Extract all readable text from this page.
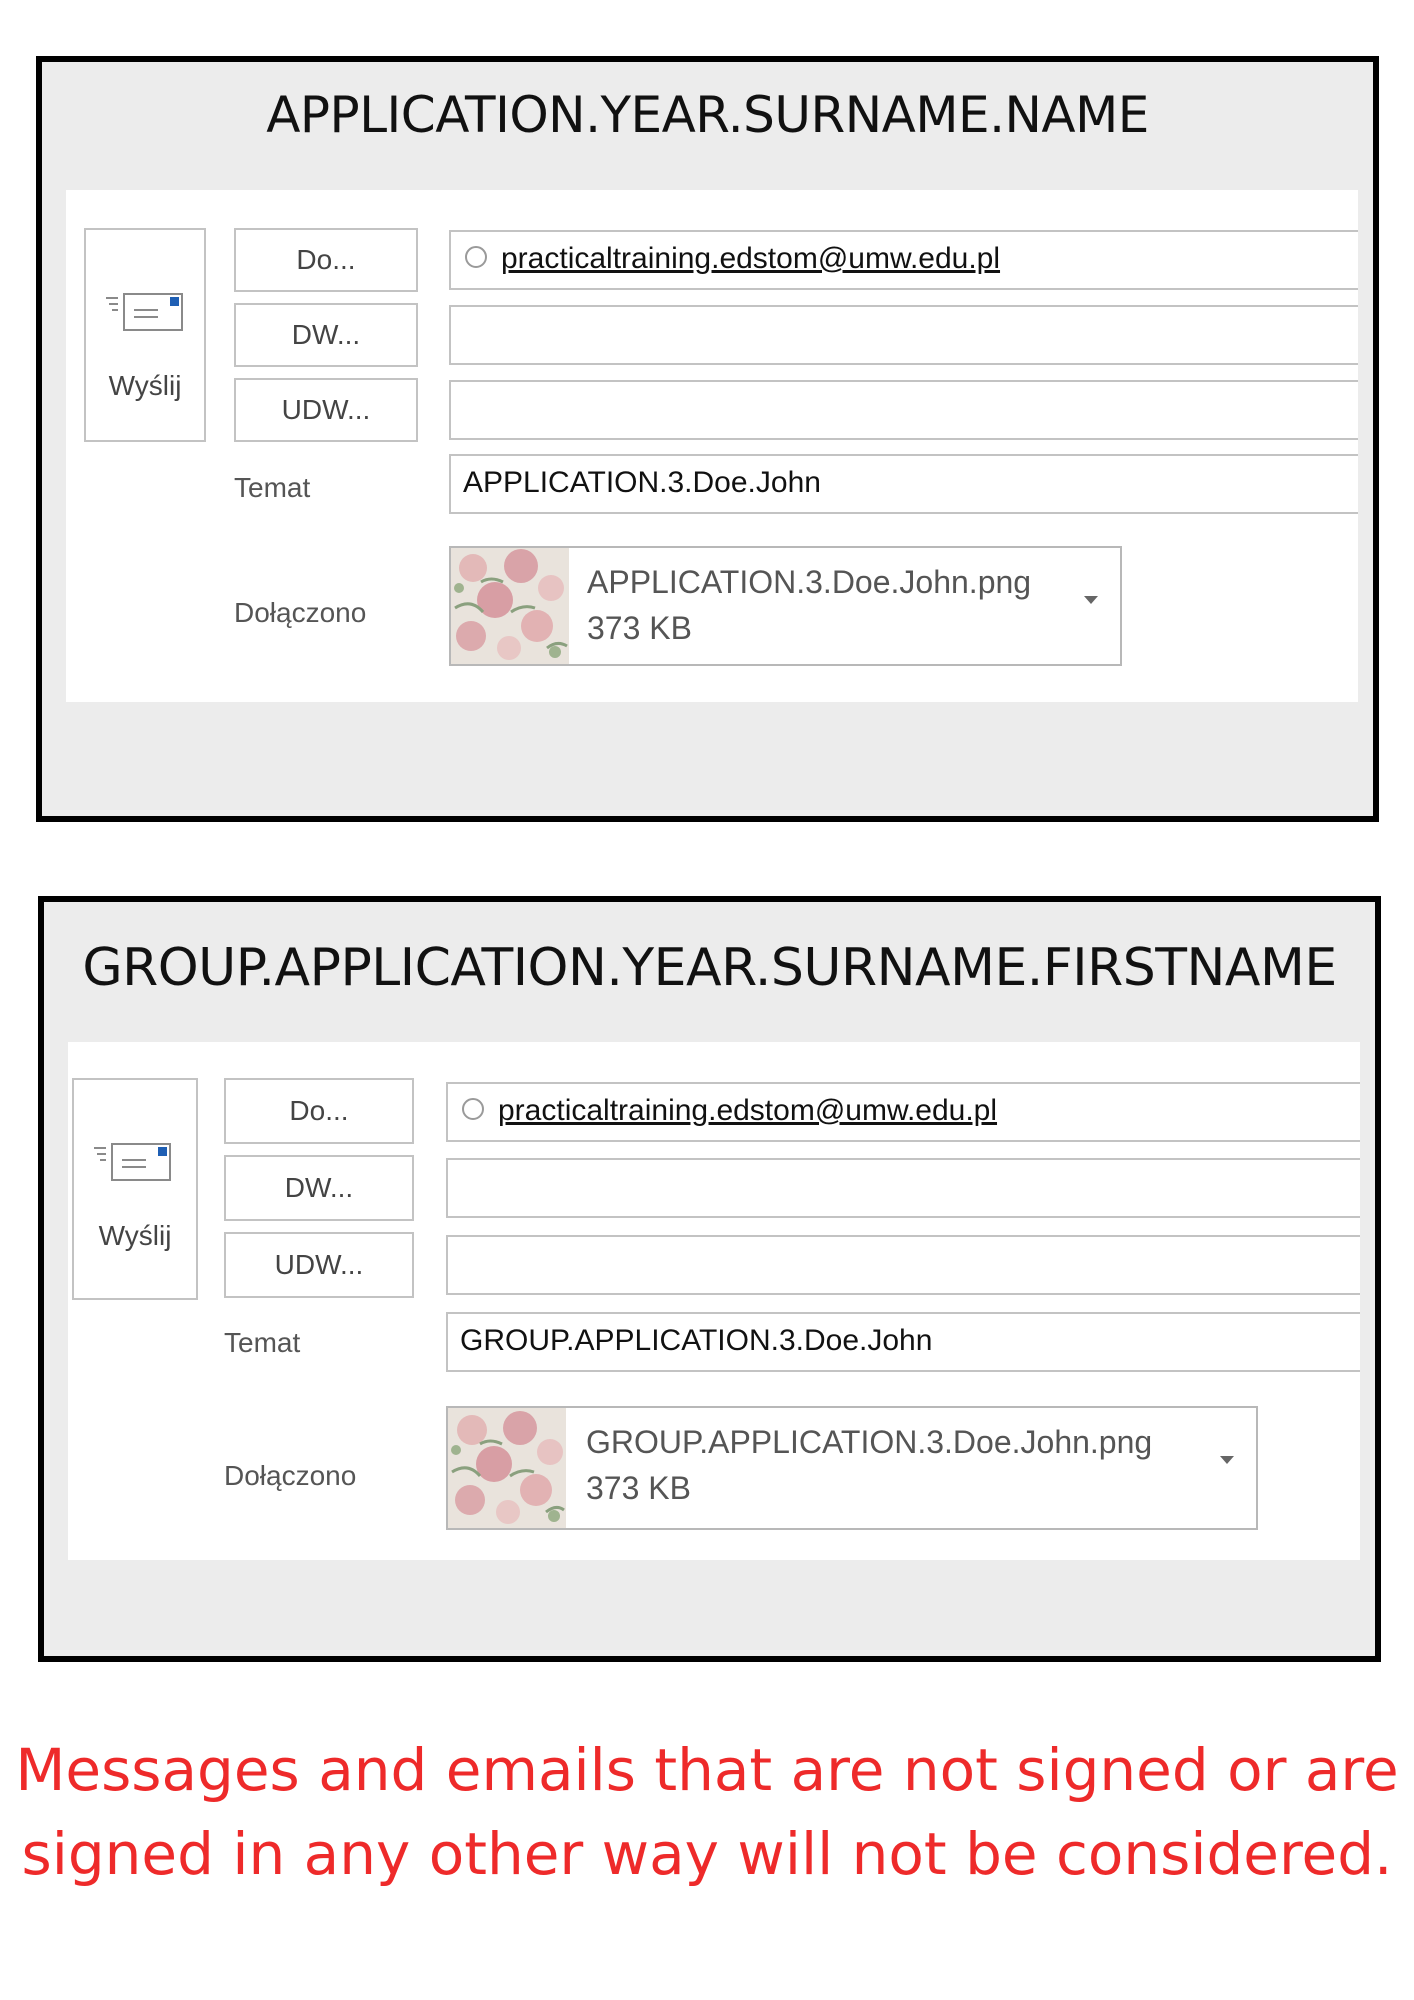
APPLICATION.YEAR.SURNAME.NAME
Wyślij
Do...
DW...
UDW...
practicaltraining.edstom@umw.edu.pl
Temat	APPLICATION.3.Doe.John
Dołączono
APPLICATION.3.Doe.John.png
373 KB
GROUP.APPLICATION.YEAR.SURNAME.FIRSTNAME
Wyślij
Do...
DW...
UDW...
practicaltraining.edstom@umw.edu.pl
Temat	GROUP.APPLICATION.3.Doe.John
Dołączono
GROUP.APPLICATION.3.Doe.John.png
373 KB
Messages and emails that are not signed or are
signed in any other way will not be considered.
